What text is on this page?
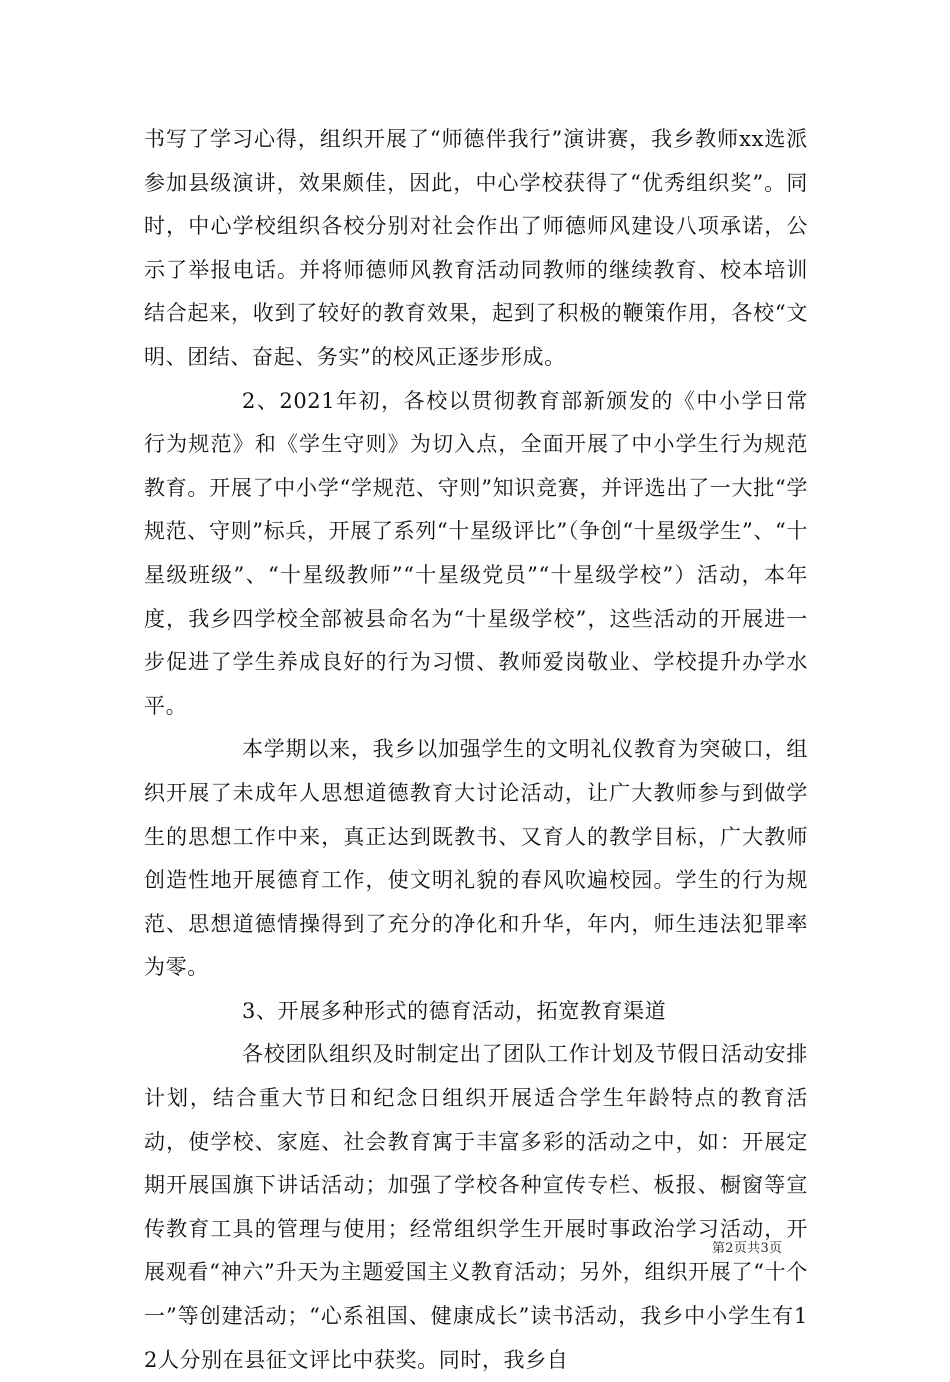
书写了学习心得，组织开展了“师德伴我行”演讲赛，我乡教师xx选派参加县级演讲，效果颇佳，因此，中心学校获得了“优秀组织奖”。同时，中心学校组织各校分别对社会作出了师德师风建设八项承诺，公示了举报电话。并将师德师风教育活动同教师的继续教育、校本培训结合起来，收到了较好的教育效果，起到了积极的鞭策作用，各校“文明、团结、奋起、务实”的校风正逐步形成。

2、2021年初，各校以贯彻教育部新颁发的《中小学日常行为规范》和《学生守则》为切入点，全面开展了中小学生行为规范教育。开展了中小学“学规范、守则”知识竞赛，并评选出了一大批“学规范、守则”标兵，开展了系列“十星级评比”（争创“十星级学生”、“十星级班级”、“十星级教师”“十星级党员”“十星级学校”）活动，本年度，我乡四学校全部被县命名为“十星级学校”，这些活动的开展进一步促进了学生养成良好的行为习惯、教师爱岗敬业、学校提升办学水平。

本学期以来，我乡以加强学生的文明礼仪教育为突破口，组织开展了未成年人思想道德教育大讨论活动，让广大教师参与到做学生的思想工作中来，真正达到既教书、又育人的教学目标，广大教师创造性地开展德育工作，使文明礼貌的春风吹遍校园。学生的行为规范、思想道德情操得到了充分的净化和升华，年内，师生违法犯罪率为零。

3、开展多种形式的德育活动，拓宽教育渠道

各校团队组织及时制定出了团队工作计划及节假日活动安排计划，结合重大节日和纪念日组织开展适合学生年龄特点的教育活动，使学校、家庭、社会教育寓于丰富多彩的活动之中，如：开展定期开展国旗下讲话活动；加强了学校各种宣传专栏、板报、橱窗等宣传教育工具的管理与使用；经常组织学生开展时事政治学习活动，开展观看“神六”升天为主题爱国主义教育活动；另外，组织开展了“十个一”等创建活动；“心系祖国、健康成长”读书活动，我乡中小学生有12人分别在县征文评比中获奖。同时，我乡自

第2页共3页
